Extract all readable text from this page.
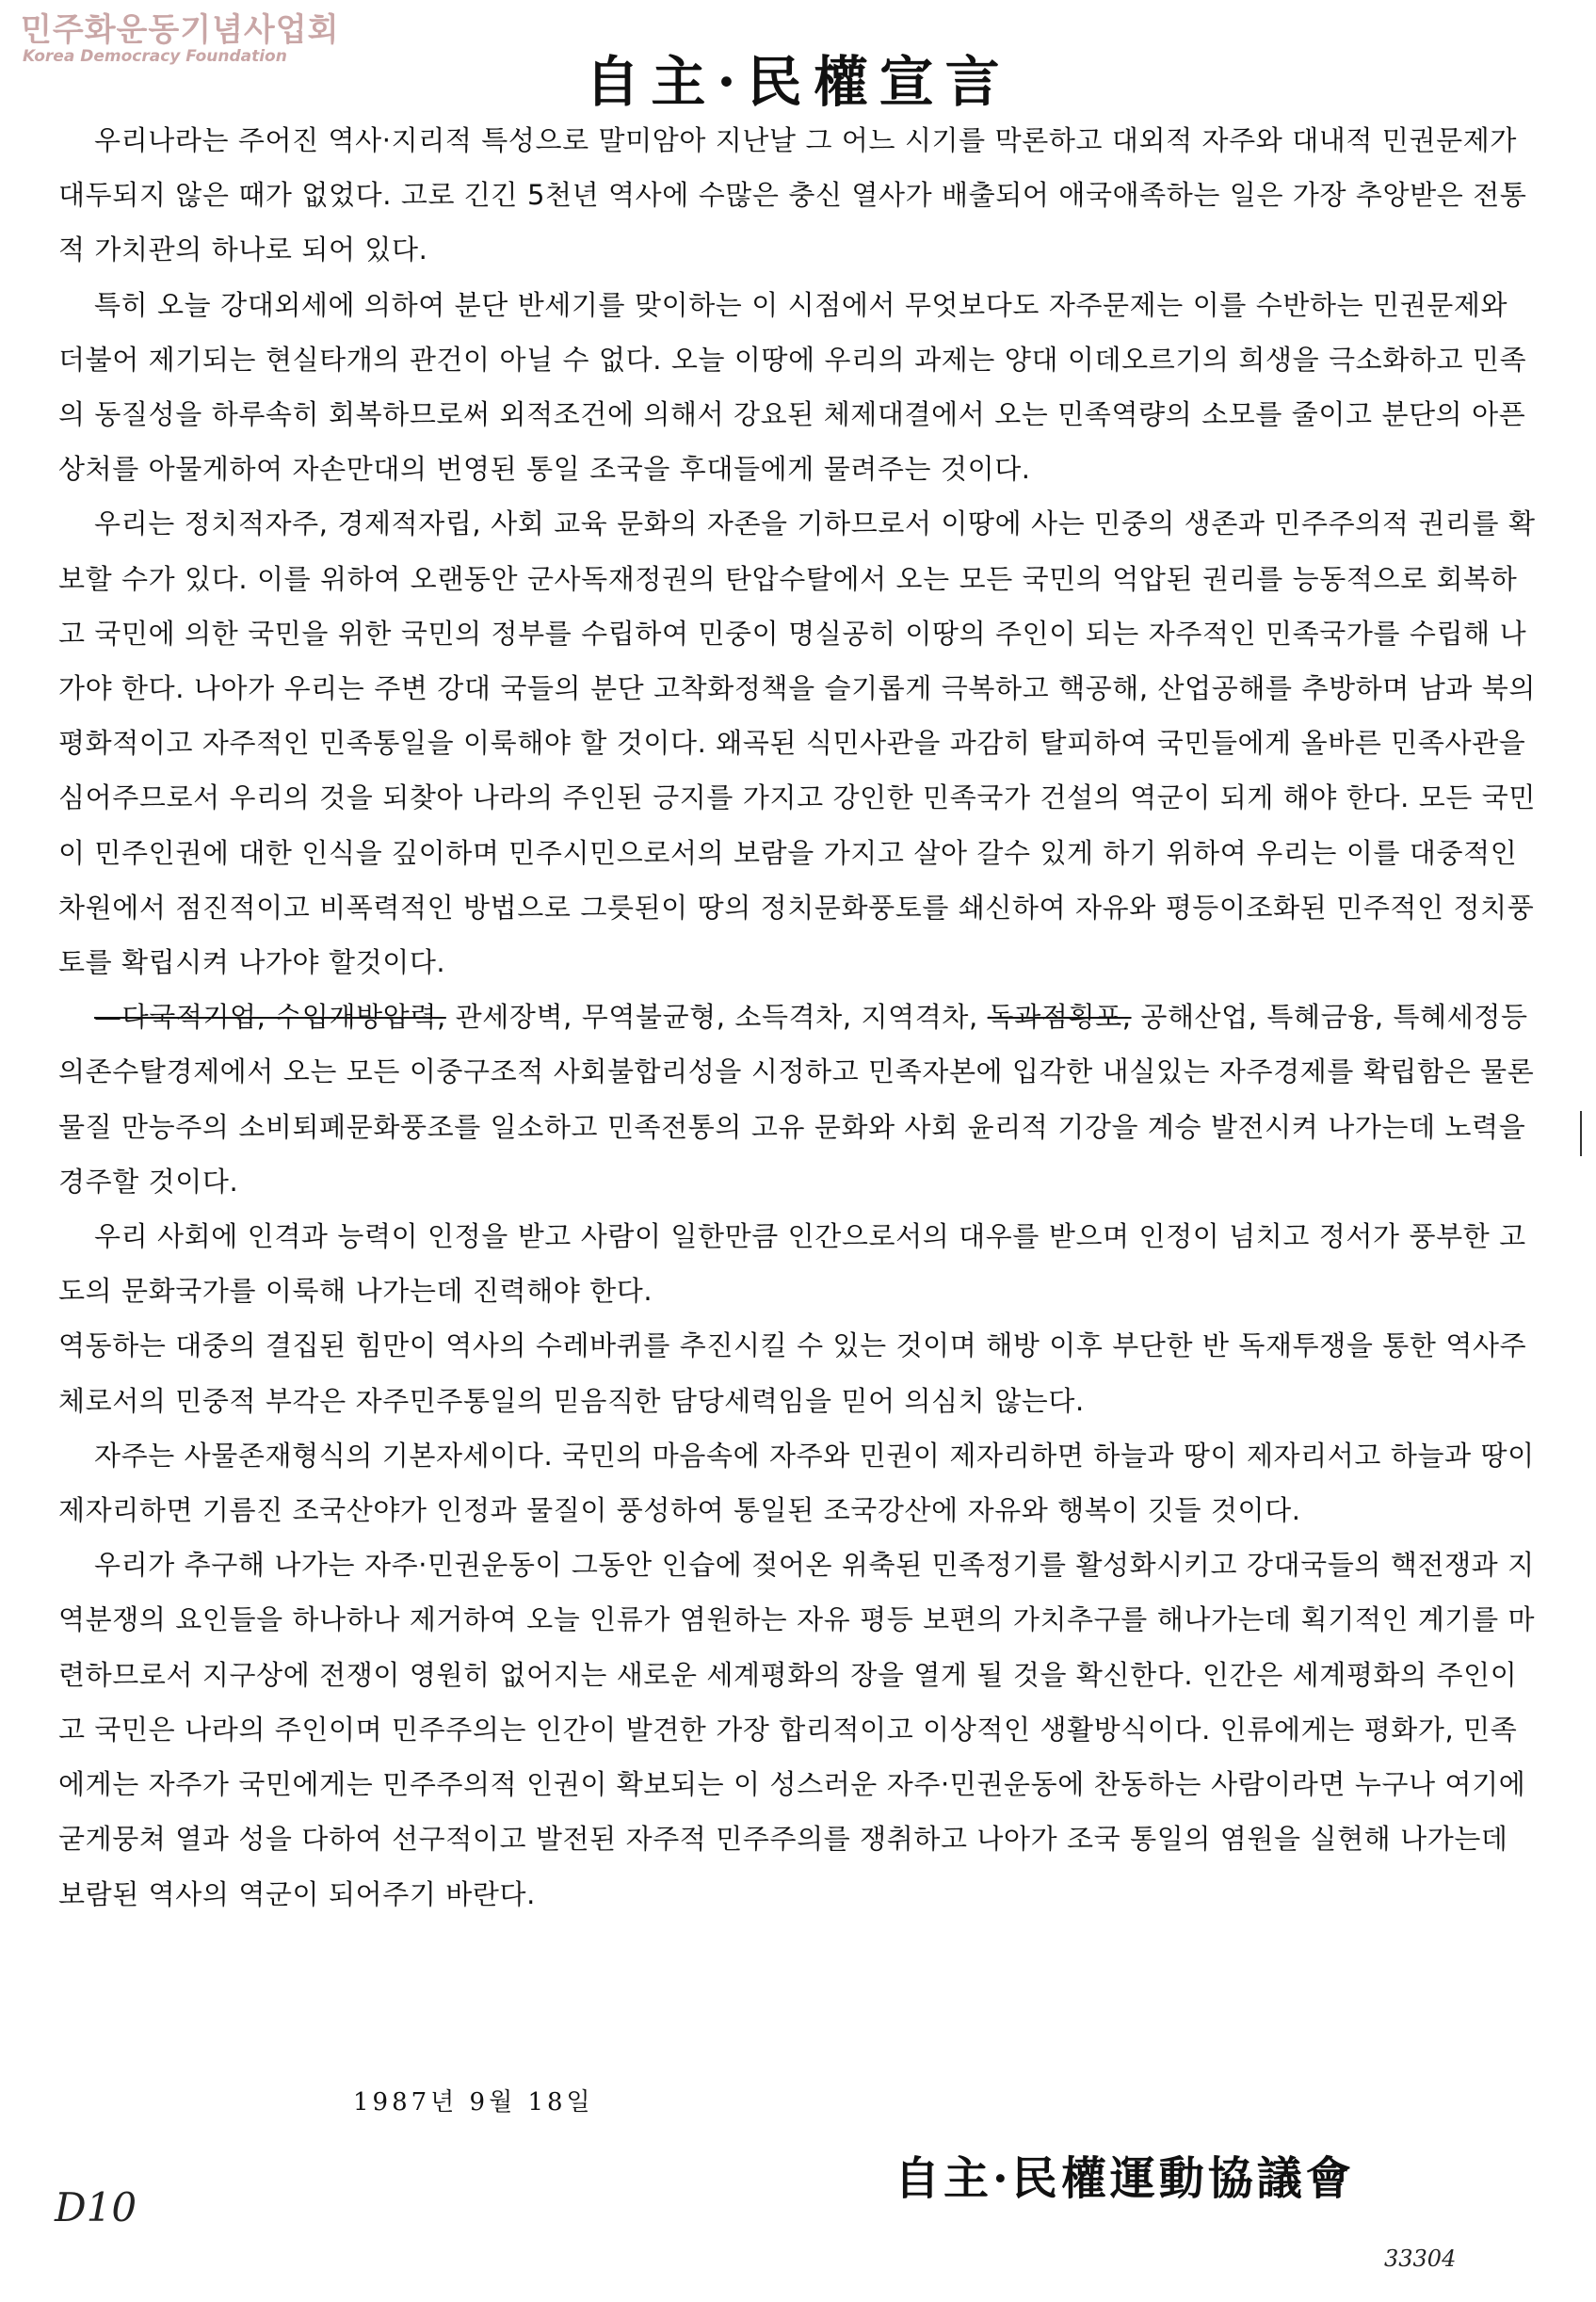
민주화운동기념사업회
Korea Democracy Foundation	自主·民權宣言

우리나라는 주어진 역사·지리적 특성으로 말미암아 지난날 그 어느 시기를 막론하고 대외적 자주와 대내적 민권문제가 대두되지 않은 때가 없었다. 고로 긴긴 5천년 역사에 수많은 충신 열사가 배출되어 애국애족하는 일은 가장 추앙받은 전통적 가치관의 하나로 되어 있다.

특히 오늘 강대외세에 의하여 분단 반세기를 맞이하는 이 시점에서 무엇보다도 자주문제는 이를 수반하는 민권문제와 더불어 제기되는 현실타개의 관건이 아닐 수 없다. 오늘 이땅에 우리의 과제는 양대 이데오르기의 희생을 극소화하고 민족의 동질성을 하루속히 회복하므로써 외적조건에 의해서 강요된 체제대결에서 오는 민족역량의 소모를 줄이고 분단의 아픈 상처를 아물게하여 자손만대의 번영된 통일 조국을 후대들에게 물려주는 것이다.

우리는 정치적자주, 경제적자립, 사회 교육 문화의 자존을 기하므로서 이땅에 사는 민중의 생존과 민주주의적 권리를 확보할 수가 있다. 이를 위하여 오랜동안 군사독재정권의 탄압수탈에서 오는 모든 국민의 억압된 권리를 능동적으로 회복하고 국민에 의한 국민을 위한 국민의 정부를 수립하여 민중이 명실공히 이땅의 주인이 되는 자주적인 민족국가를 수립해 나가야 한다. 나아가 우리는 주변 강대 국들의 분단 고착화정책을 슬기롭게 극복하고 핵공해, 산업공해를 추방하며 남과 북의 평화적이고 자주적인 민족통일을 이룩해야 할 것이다. 왜곡된 식민사관을 과감히 탈피하여 국민들에게 올바른 민족사관을 심어주므로서 우리의 것을 되찾아 나라의 주인된 긍지를 가지고 강인한 민족국가 건설의 역군이 되게 해야 한다. 모든 국민이 민주인권에 대한 인식을 깊이하며 민주시민으로서의 보람을 가지고 살아 갈수 있게 하기 위하여 우리는 이를 대중적인 차원에서 점진적이고 비폭력적인 방법으로 그릇된이 땅의 정치문화풍토를 쇄신하여 자유와 평등이조화된 민주적인 정치풍토를 확립시켜 나가야 할것이다.

—다국적기업, 수입개방압력, 관세장벽, 무역불균형, 소득격차, 지역격차, 독과점횡포, 공해산업, 특혜금융, 특혜세정등 의존수탈경제에서 오는 모든 이중구조적 사회불합리성을 시정하고 민족자본에 입각한 내실있는 자주경제를 확립함은 물론 물질 만능주의 소비퇴폐문화풍조를 일소하고 민족전통의 고유 문화와 사회 윤리적 기강을 계승 발전시켜 나가는데 노력을 경주할 것이다.

우리 사회에 인격과 능력이 인정을 받고 사람이 일한만큼 인간으로서의 대우를 받으며 인정이 넘치고 정서가 풍부한 고도의 문화국가를 이룩해 나가는데 진력해야 한다.

역동하는 대중의 결집된 힘만이 역사의 수레바퀴를 추진시킬 수 있는 것이며 해방 이후 부단한 반 독재투쟁을 통한 역사주체로서의 민중적 부각은 자주민주통일의 믿음직한 담당세력임을 믿어 의심치 않는다.

자주는 사물존재형식의 기본자세이다. 국민의 마음속에 자주와 민권이 제자리하면 하늘과 땅이 제자리서고 하늘과 땅이 제자리하면 기름진 조국산야가 인정과 물질이 풍성하여 통일된 조국강산에 자유와 행복이 깃들 것이다.

우리가 추구해 나가는 자주·민권운동이 그동안 인습에 젖어온 위축된 민족정기를 활성화시키고 강대국들의 핵전쟁과 지역분쟁의 요인들을 하나하나 제거하여 오늘 인류가 염원하는 자유 평등 보편의 가치추구를 해나가는데 획기적인 계기를 마련하므로서 지구상에 전쟁이 영원히 없어지는 새로운 세계평화의 장을 열게 될 것을 확신한다. 인간은 세계평화의 주인이고 국민은 나라의 주인이며 민주주의는 인간이 발견한 가장 합리적이고 이상적인 생활방식이다. 인류에게는 평화가, 민족에게는 자주가 국민에게는 민주주의적 인권이 확보되는 이 성스러운 자주·민권운동에 찬동하는 사람이라면 누구나 여기에 굳게뭉쳐 열과 성을 다하여 선구적이고 발전된 자주적 민주주의를 쟁취하고 나아가 조국 통일의 염원을 실현해 나가는데 보람된 역사의 역군이 되어주기 바란다.

1987년 9월 18일
自主·民權運動協議會
D10
33304
